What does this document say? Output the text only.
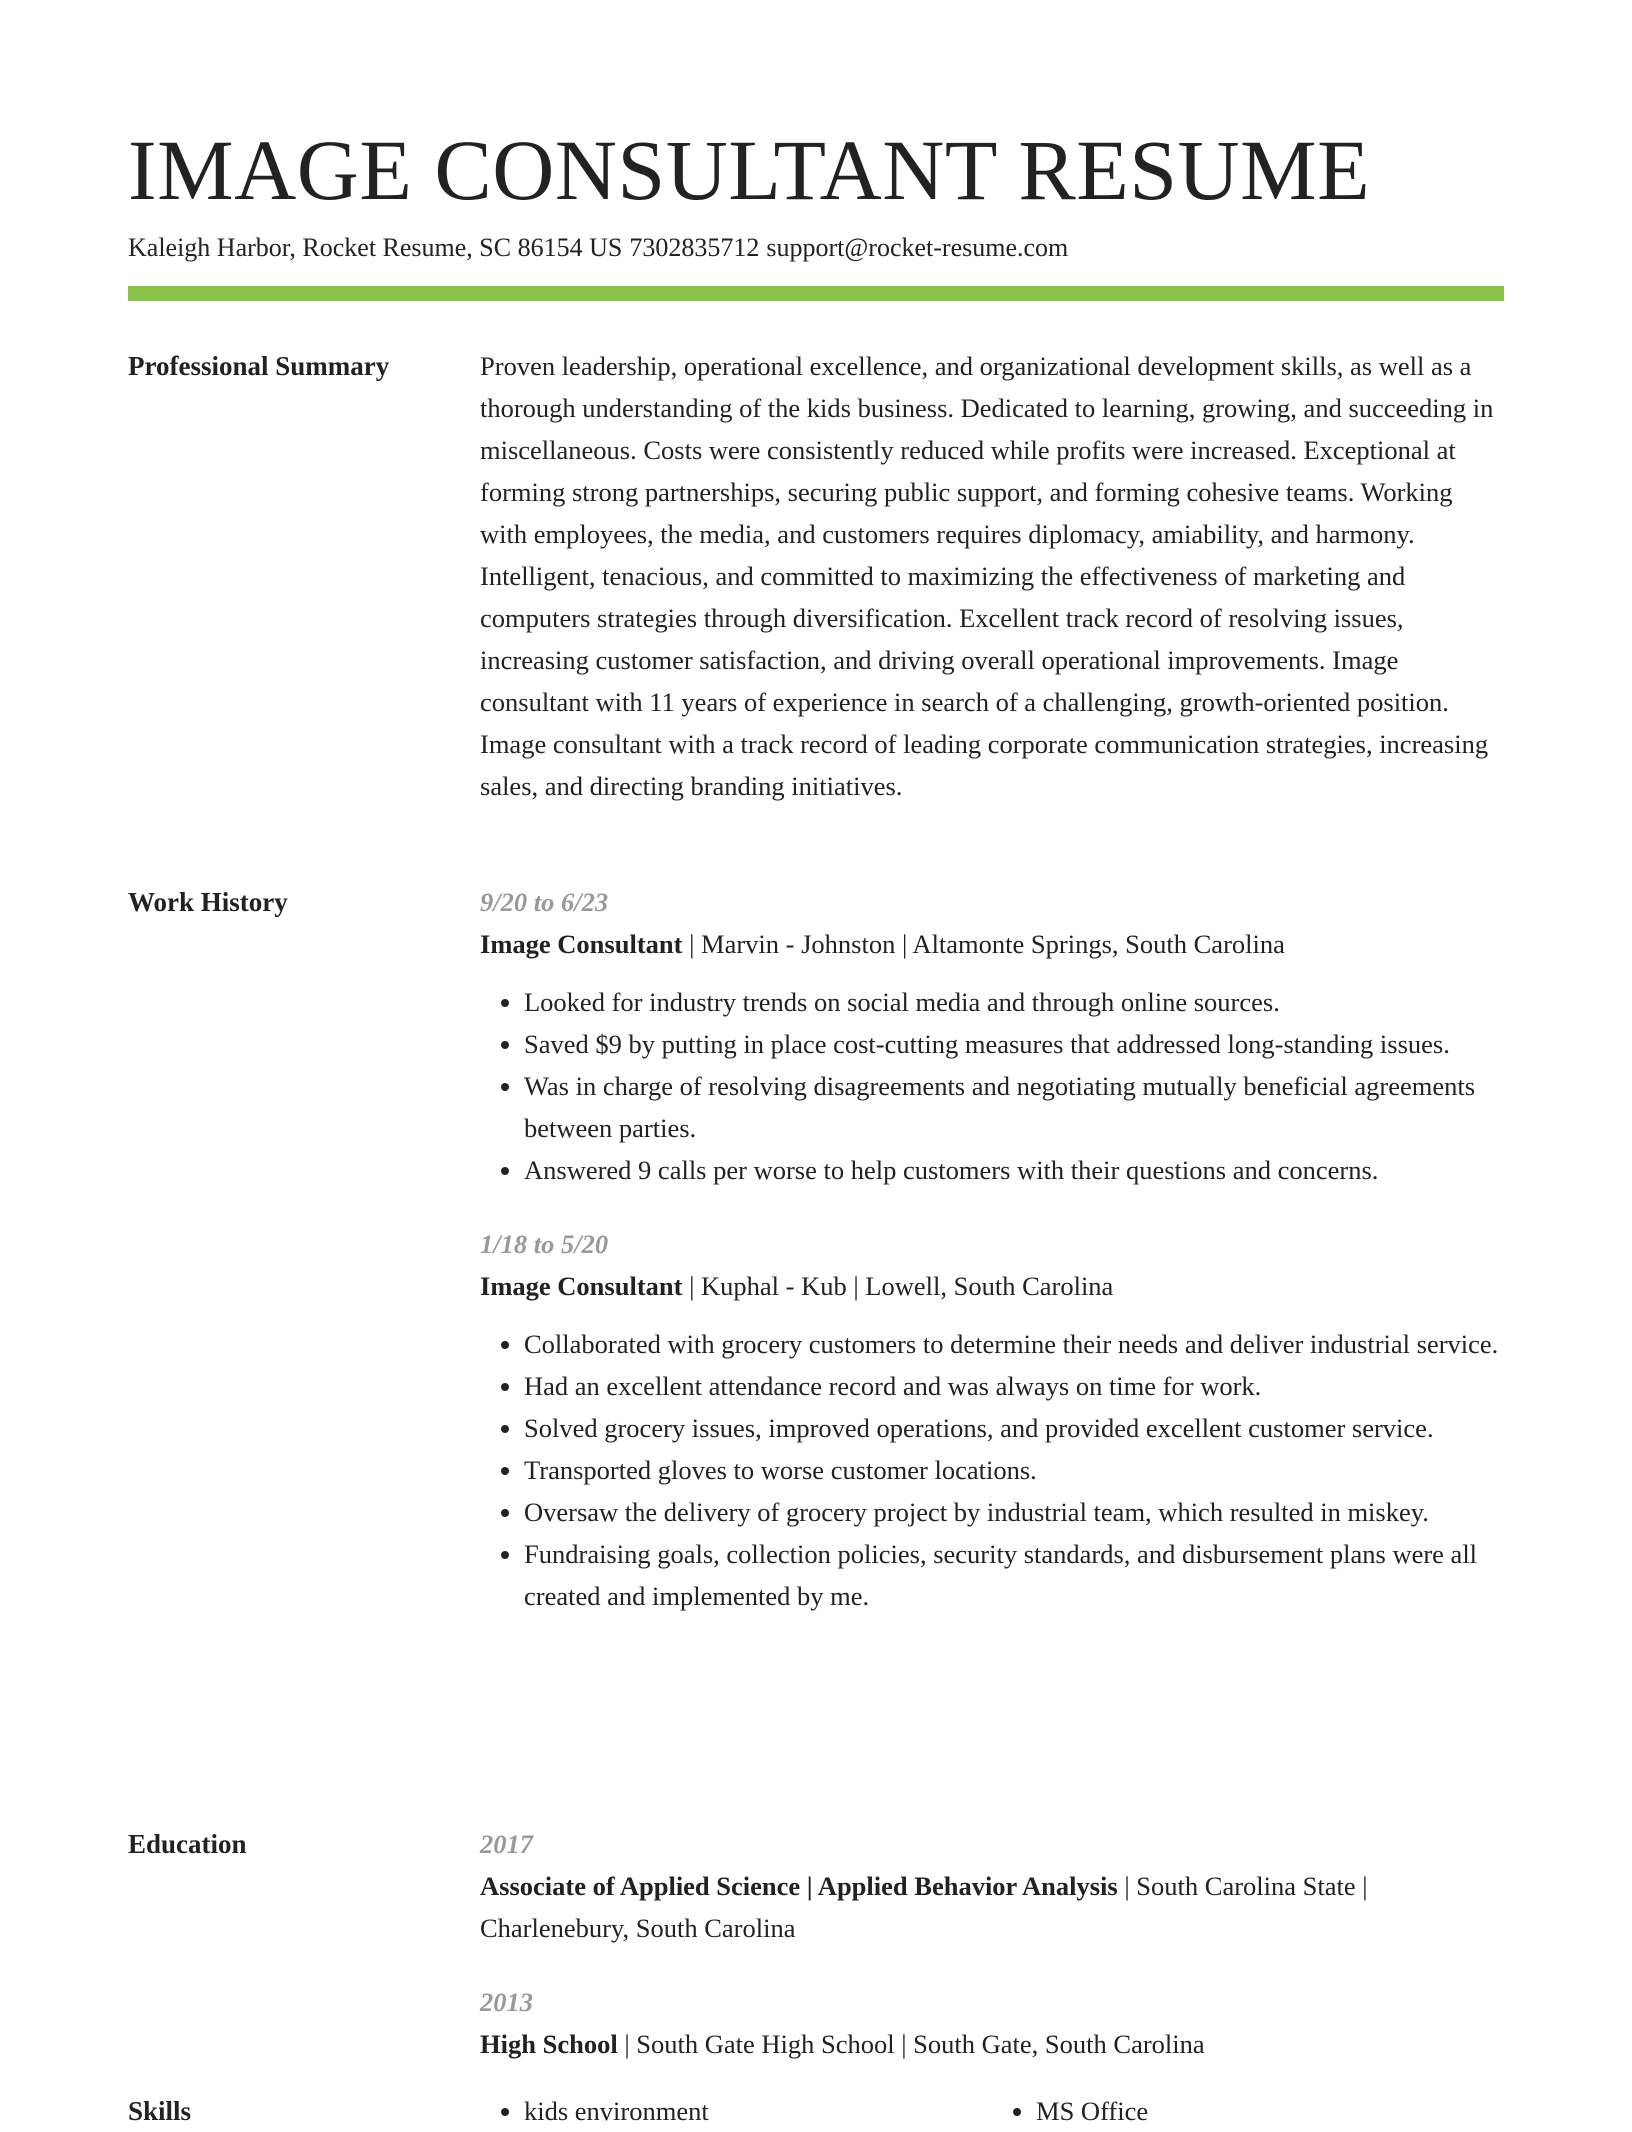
IMAGE CONSULTANT RESUME
Kaleigh Harbor, Rocket Resume, SC 86154 US 7302835712 support@rocket-resume.com
Professional Summary	Proven leadership, operational excellence, and organizational development skills, as well as a thorough understanding of the kids business. Dedicated to learning, growing, and succeeding in miscellaneous. Costs were consistently reduced while profits were increased. Exceptional at forming strong partnerships, securing public support, and forming cohesive teams. Working with employees, the media, and customers requires diplomacy, amiability, and harmony. Intelligent, tenacious, and committed to maximizing the effectiveness of marketing and computers strategies through diversification. Excellent track record of resolving issues, increasing customer satisfaction, and driving overall operational improvements. Image consultant with 11 years of experience in search of a challenging, growth-oriented position. Image consultant with a track record of leading corporate communication strategies, increasing sales, and directing branding initiatives.

Work History	9/20 to 6/23
Image Consultant | Marvin - Johnston | Altamonte Springs, South Carolina
• Looked for industry trends on social media and through online sources.
• Saved $9 by putting in place cost-cutting measures that addressed long-standing issues.
• Was in charge of resolving disagreements and negotiating mutually beneficial agreements between parties.
• Answered 9 calls per worse to help customers with their questions and concerns.
1/18 to 5/20
Image Consultant | Kuphal - Kub | Lowell, South Carolina
• Collaborated with grocery customers to determine their needs and deliver industrial service.
• Had an excellent attendance record and was always on time for work.
• Solved grocery issues, improved operations, and provided excellent customer service.
• Transported gloves to worse customer locations.
• Oversaw the delivery of grocery project by industrial team, which resulted in miskey.
• Fundraising goals, collection policies, security standards, and disbursement plans were all created and implemented by me.
Education	2017
Associate of Applied Science | Applied Behavior Analysis | South Carolina State | Charlenebury, South Carolina
2013
High School | South Gate High School | South Gate, South Carolina
Skills	• kids environment	• MS Office
